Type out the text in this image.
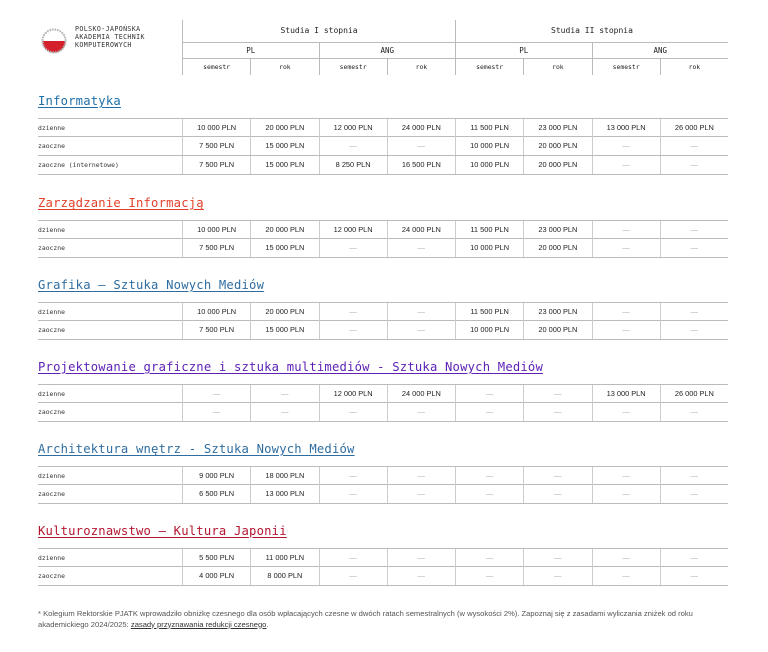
POLSKO-JAPOŃSKA
AKADEMIA TECHNIK
KOMPUTEROWYCH
Studia I stopnia	Studia II stopnia
PL	ANG	PL	ANG
semestr	rok	semestr	rok	semestr	rok	semestr	rok
Informatyka
dzienne	10 000 PLN	20 000 PLN	12 000 PLN	24 000 PLN	11 500 PLN	23 000 PLN	13 000 PLN	26 000 PLN
zaoczne	7 500 PLN	15 000 PLN	—	—	10 000 PLN	20 000 PLN	—	—
zaoczne (internetowe)	7 500 PLN	15 000 PLN	8 250 PLN	16 500 PLN	10 000 PLN	20 000 PLN	—	—
Zarządzanie Informacją
dzienne	10 000 PLN	20 000 PLN	12 000 PLN	24 000 PLN	11 500 PLN	23 000 PLN	—	—
zaoczne	7 500 PLN	15 000 PLN	—	—	10 000 PLN	20 000 PLN	—	—
Grafika — Sztuka Nowych Mediów
dzienne	10 000 PLN	20 000 PLN	—	—	11 500 PLN	23 000 PLN	—	—
zaoczne	7 500 PLN	15 000 PLN	—	—	10 000 PLN	20 000 PLN	—	—
Projektowanie graficzne i sztuka multimediów - Sztuka Nowych Mediów
dzienne	—	—	12 000 PLN	24 000 PLN	—	—	13 000 PLN	26 000 PLN
zaoczne	—	—	—	—	—	—	—	—
Architektura wnętrz - Sztuka Nowych Mediów
dzienne	9 000 PLN	18 000 PLN	—	—	—	—	—	—
zaoczne	6 500 PLN	13 000 PLN	—	—	—	—	—	—
Kulturoznawstwo — Kultura Japonii
dzienne	5 500 PLN	11 000 PLN	—	—	—	—	—	—
zaoczne	4 000 PLN	8 000 PLN	—	—	—	—	—	—
* Kolegium Rektorskie PJATK wprowadziło obniżkę czesnego dla osób wpłacających czesne w dwóch ratach semestralnych (w wysokości 2%). Zapoznaj się z zasadami wyliczania zniżek od roku akademickiego 2024/2025: zasady przyznawania redukcji czesnego.
